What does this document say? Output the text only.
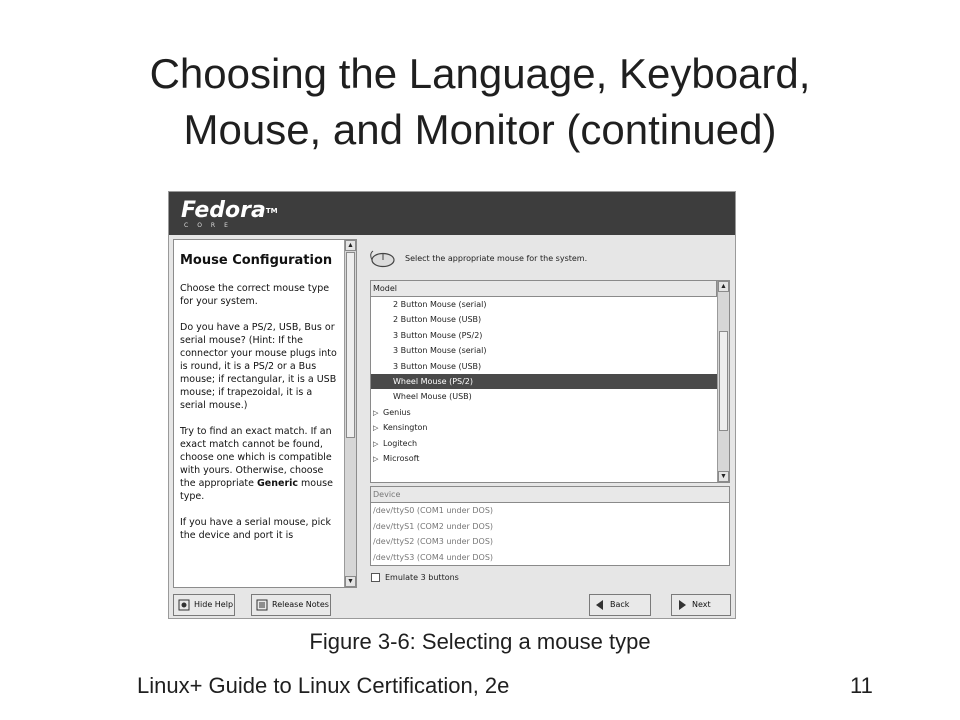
Choosing the Language, Keyboard,
Mouse, and Monitor (continued)
Fedora™
CORE
Mouse Configuration

Choose the correct mouse type for your system.

Do you have a PS/2, USB, Bus or serial mouse? (Hint: If the connector your mouse plugs into is round, it is a PS/2 or a Bus mouse; if rectangular, it is a USB mouse; if trapezoidal, it is a serial mouse.)

Try to find an exact match. If an exact match cannot be found, choose one which is compatible with yours. Otherwise, choose the appropriate Generic mouse type.

If you have a serial mouse, pick the device and port it is

▲
▼
Select the appropriate mouse for the system.
2 Button Mouse (serial)
2 Button Mouse (USB)
3 Button Mouse (PS/2)
3 Button Mouse (serial)
3 Button Mouse (USB)
Wheel Mouse (PS/2)
Wheel Mouse (USB)
▷ Genius
▷ Kensington
▷ Logitech
▷ Microsoft
Model	▲
▼
Device
/dev/ttyS0 (COM1 under DOS)
/dev/ttyS1 (COM2 under DOS)
/dev/ttyS2 (COM3 under DOS)
/dev/ttyS3 (COM4 under DOS)
Emulate 3 buttons
Hide Help	Release Notes	Back	Next
Figure 3-6: Selecting a mouse type
Linux+ Guide to Linux Certification, 2e	11
